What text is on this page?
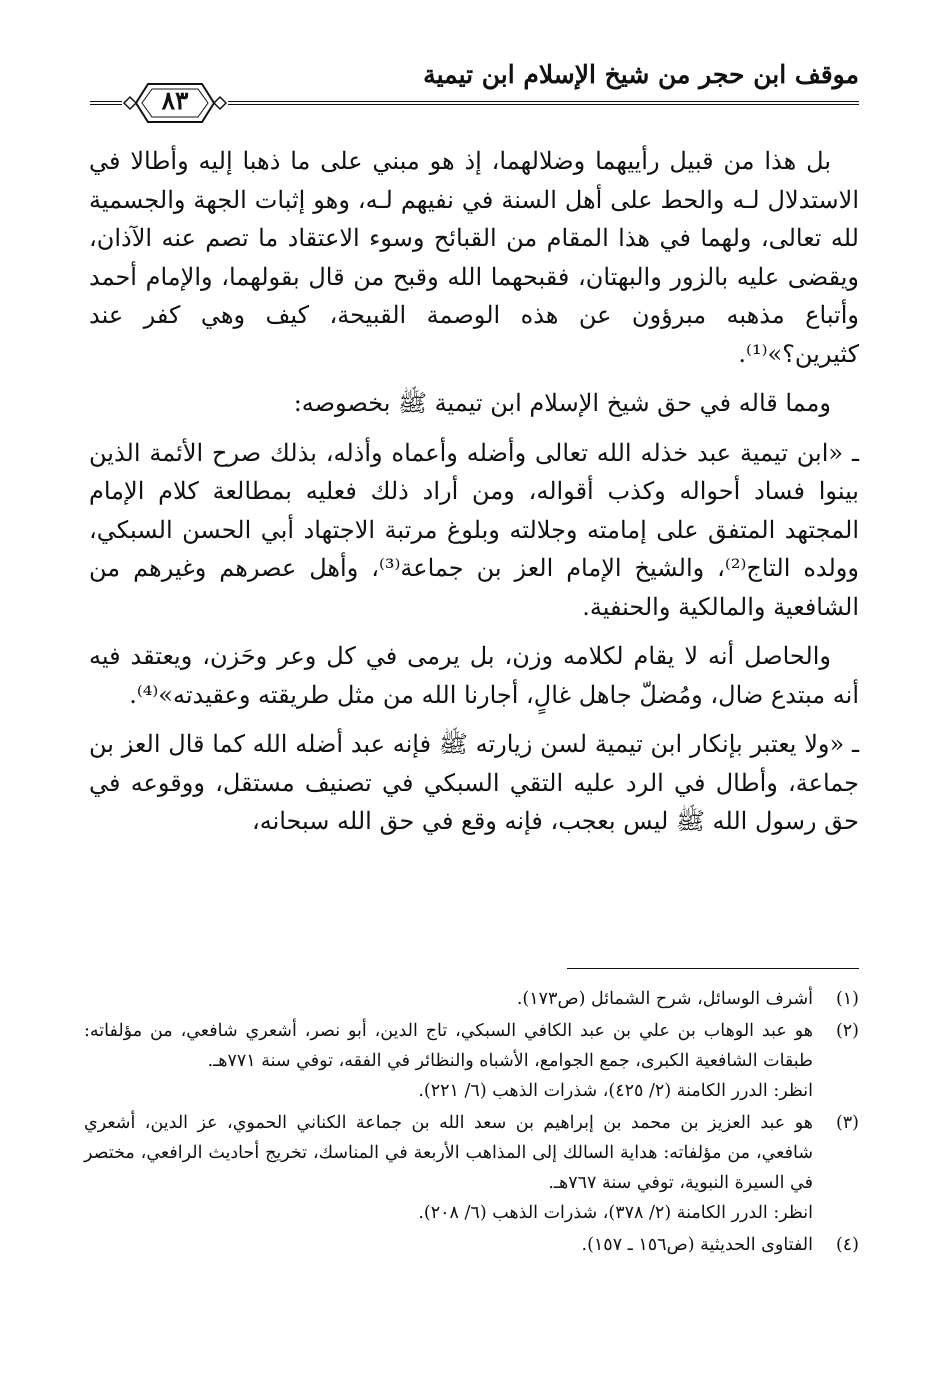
موقف ابن حجر من شيخ الإسلام ابن تيمية
٨٣

بل هذا من قبيل رأييهما وضلالهما، إذ هو مبني على ما ذهبا إليه وأطالا في الاستدلال لـه والحط على أهل السنة في نفيهم لـه، وهو إثبات الجهة والجسمية لله تعالى، ولهما في هذا المقام من القبائح وسوء الاعتقاد ما تصم عنه الآذان، ويقضى عليه بالزور والبهتان، فقبحهما الله وقبح من قال بقولهما، والإمام أحمد وأتباع مذهبه مبرؤون عن هذه الوصمة القبيحة، كيف وهي كفر عند كثيرين؟»⁽¹⁾.

ومما قاله في حق شيخ الإسلام ابن تيمية ﷺ بخصوصه:

ـ «ابن تيمية عبد خذله الله تعالى وأضله وأعماه وأذله، بذلك صرح الأئمة الذين بينوا فساد أحواله وكذب أقواله، ومن أراد ذلك فعليه بمطالعة كلام الإمام المجتهد المتفق على إمامته وجلالته وبلوغ مرتبة الاجتهاد أبي الحسن السبكي، وولده التاج⁽²⁾، والشيخ الإمام العز بن جماعة⁽³⁾، وأهل عصرهم وغيرهم من الشافعية والمالكية والحنفية.

والحاصل أنه لا يقام لكلامه وزن، بل يرمى في كل وعر وحَزن، ويعتقد فيه أنه مبتدع ضال، ومُضلّ جاهل غالٍ، أجارنا الله من مثل طريقته وعقيدته»⁽⁴⁾.

ـ «ولا يعتبر بإنكار ابن تيمية لسن زيارته ﷺ فإنه عبد أضله الله كما قال العز بن جماعة، وأطال في الرد عليه التقي السبكي في تصنيف مستقل، ووقوعه في حق رسول الله ﷺ ليس بعجب، فإنه وقع في حق الله سبحانه،

(١)
أشرف الوسائل، شرح الشمائل (ص١٧٣).
(٢)
هو عبد الوهاب بن علي بن عبد الكافي السبكي، تاج الدين، أبو نصر، أشعري شافعي، من مؤلفاته: طبقات الشافعية الكبرى، جمع الجوامع، الأشباه والنظائر في الفقه، توفي سنة ٧٧١هـ.
انظر: الدرر الكامنة (٢/ ٤٢٥)، شذرات الذهب (٦/ ٢٢١).
(٣)
هو عبد العزيز بن محمد بن إبراهيم بن سعد الله بن جماعة الكناني الحموي، عز الدين، أشعري شافعي، من مؤلفاته: هداية السالك إلى المذاهب الأربعة في المناسك، تخريج أحاديث الرافعي، مختصر في السيرة النبوية، توفي سنة ٧٦٧هـ.
انظر: الدرر الكامنة (٢/ ٣٧٨)، شذرات الذهب (٦/ ٢٠٨).
(٤)
الفتاوى الحديثية (ص١٥٦ ـ ١٥٧).
